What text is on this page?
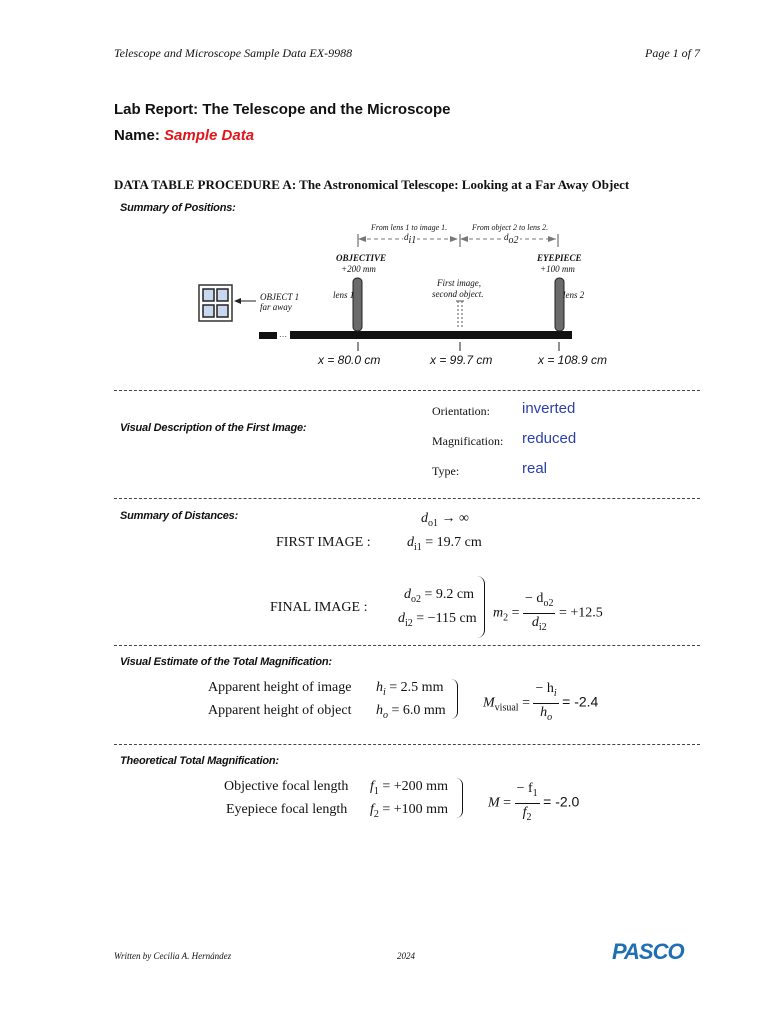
Telescope and Microscope Sample Data EX-9988	Page 1 of 7
Lab Report: The Telescope and the Microscope
Name: Sample Data
DATA TABLE PROCEDURE A: The Astronomical Telescope: Looking at a Far Away Object
Summary of Positions:
…
From lens 1 to image 1.	From object 2 to lens 2.
$d_{i1}$	$d_{o2}$
OBJECTIVE
+200 mm
EYEPIECE
+100 mm
OBJECT 1
far away
lens 1	lens 2
First image,
second object.
x = 80.0 cm	x = 99.7 cm	x = 108.9 cm
Visual Description of the First Image:
Orientation: inverted
Magnification: reduced
Type:	real
Summary of Distances:	$d_{o1}$ → ∞
FIRST IMAGE :	$d_{i1} = 19.7$ cm
FINAL IMAGE :
$d_{o2} = 9.2$ cm
$d_{i2} = -115$ cm $m_2 = \frac{- d_{o2}}{d_{i2}} = +12.5$
Visual Estimate of the Total Magnification:
Apparent height of image $h_i = 2.5$ mm
Apparent height of object $h_o = 6.0$ mm	$M_{visual} = \frac{- h_i}{h_o} = -2.4$
Theoretical Total Magnification:
Objective focal length $f_1 = +200$ mm
Eyepiece focal length $f_2 = +100$ mm	$M = \frac{- f_1}{f_2} = -2.0$
Written by Cecilia A. Hernández	2024	PASCO
